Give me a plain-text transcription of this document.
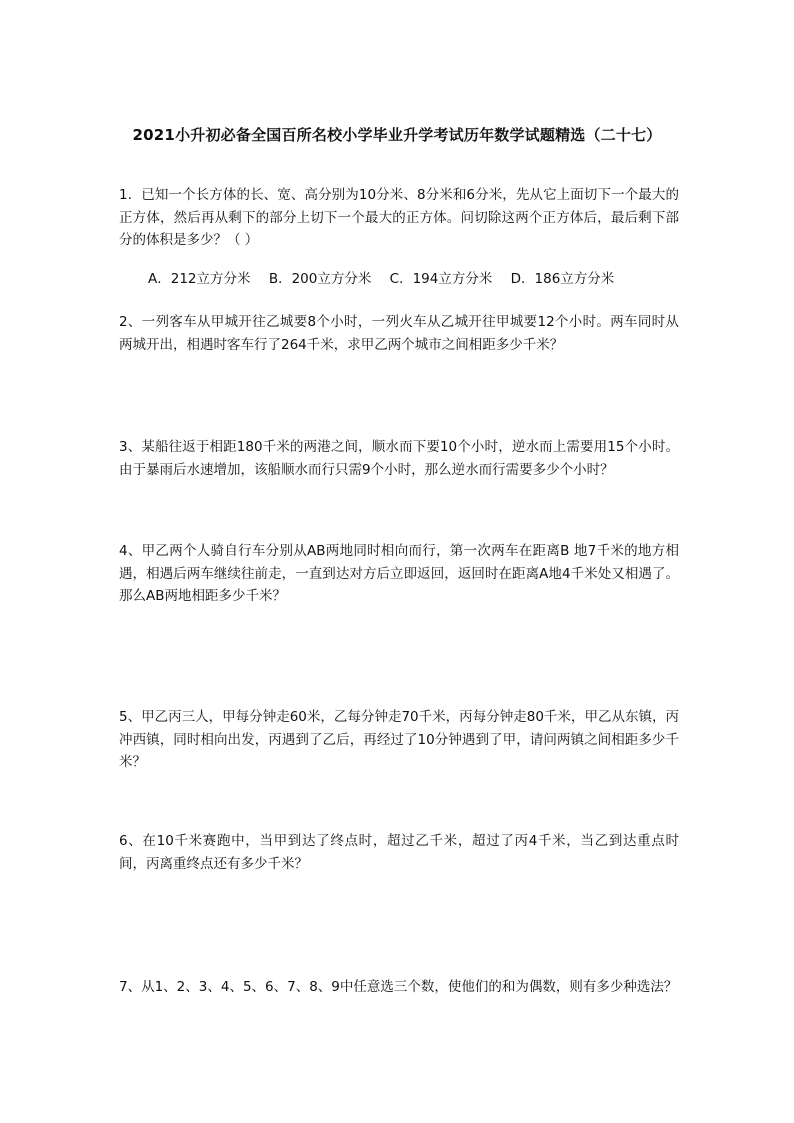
2021小升初必备全国百所名校小学毕业升学考试历年数学试题精选（二十七）

1．已知一个长方体的长、宽、高分别为10分米、8分米和6分米，先从它上面切下一个最大的正方体，然后再从剩下的部分上切下一个最大的正方体。问切除这两个正方体后，最后剩下部分的体积是多少？（ ）

A．212立方分米 B．200立方分米 C．194立方分米 D．186立方分米

2、一列客车从甲城开往乙城要8个小时，一列火车从乙城开往甲城要12个小时。两车同时从两城开出，相遇时客车行了264千米，求甲乙两个城市之间相距多少千米？

3、某船往返于相距180千米的两港之间，顺水而下要10个小时，逆水而上需要用15个小时。由于暴雨后水速增加，该船顺水而行只需9个小时，那么逆水而行需要多少个小时？

4、甲乙两个人骑自行车分别从AB两地同时相向而行，第一次两车在距离B 地7千米的地方相遇，相遇后两车继续往前走，一直到达对方后立即返回，返回时在距离A地4千米处又相遇了。那么AB两地相距多少千米？

5、甲乙丙三人，甲每分钟走60米，乙每分钟走70千米，丙每分钟走80千米，甲乙从东镇，丙冲西镇，同时相向出发，丙遇到了乙后，再经过了10分钟遇到了甲，请问两镇之间相距多少千米？

6、在10千米赛跑中，当甲到达了终点时，超过乙千米，超过了丙4千米，当乙到达重点时间，丙离重终点还有多少千米？

7、从1、2、3、4、5、6、7、8、9中任意选三个数，使他们的和为偶数，则有多少种选法？
